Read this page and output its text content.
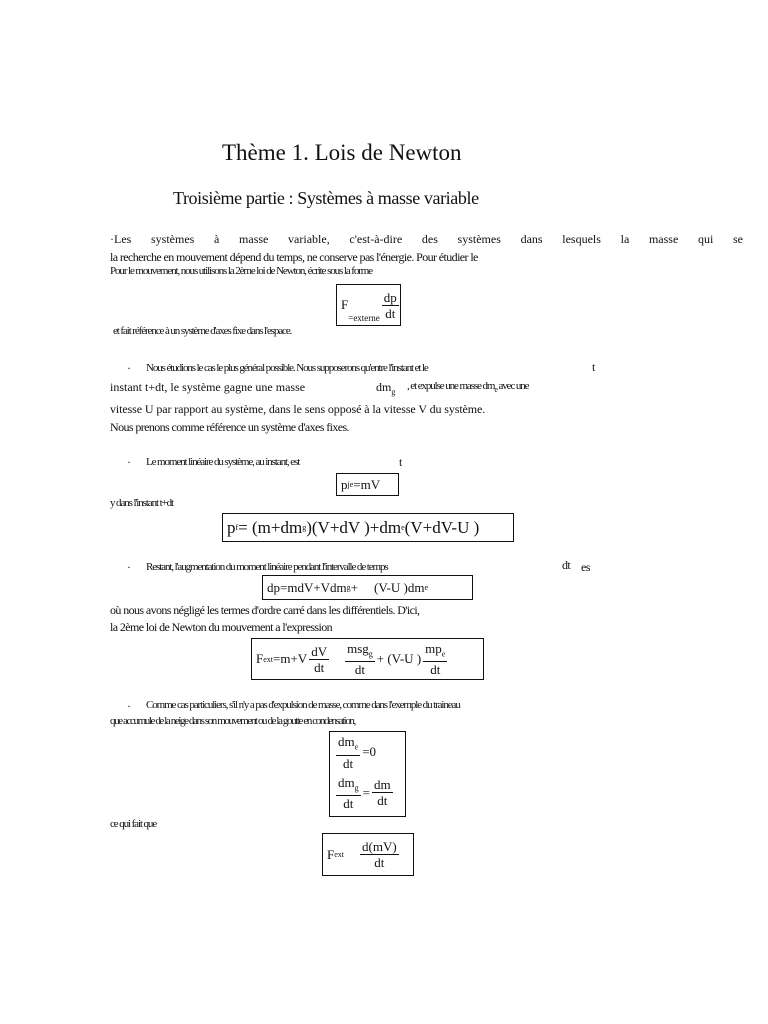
Thème 1. Lois de Newton
Troisième partie : Systèmes à masse variable
·Les systèmes à masse variable, c'est-à-dire des systèmes dans lesquels la masse qui se
la recherche en mouvement dépend du temps, ne conserve pas l'énergie. Pour étudier le
Pour le mouvement, nous utilisons la 2ème loi de Newton, écrite sous la forme
F
=externe $\frac{dp}{dt}$
et fait référence à un système d'axes fixe dans l'espace.
· Nous étudions le cas le plus général possible. Nous supposerons qu'entre l'instant et le	t
instant t+dt, le système gagne une masse	$dm_g$ , et expulse une masse $dm_e$ avec une
vitesse U par rapport au système, dans le sens opposé à la vitesse V du système.
Nous prenons comme référence un système d'axes fixes.
· Le moment linéaire du système, au instant, est	t
p je =mV
y dans l'instant t+dt
p f = (m+dm g )(V+dV )+dm e (V+dV-U )
· Restant, l'augmentation du moment linéaire pendant l'intervalle de temps	dt es
dp=mdV+Vdm g + (V-U )dm e
où nous avons négligé les termes d'ordre carré dans les différentiels. D'ici,
la 2ème loi de Newton du mouvement a l'expression
F ext $=m+V \frac{dV}{dt} \frac{msg_g}{dt} + (V-U$ ) $\frac{mp_e}{dt}$
· Comme cas particuliers, s'il n'y a pas d'expulsion de masse, comme dans l'exemple du traineau
que accumule de la neige dans son mouvement ou de la goutte en condensation,
$\frac{dm_e}{dt} =0$
$\frac{dm_g}{dt} = \frac{dm}{dt}$
ce qui fait que
F ext $\frac{d(mV)}{dt}$
